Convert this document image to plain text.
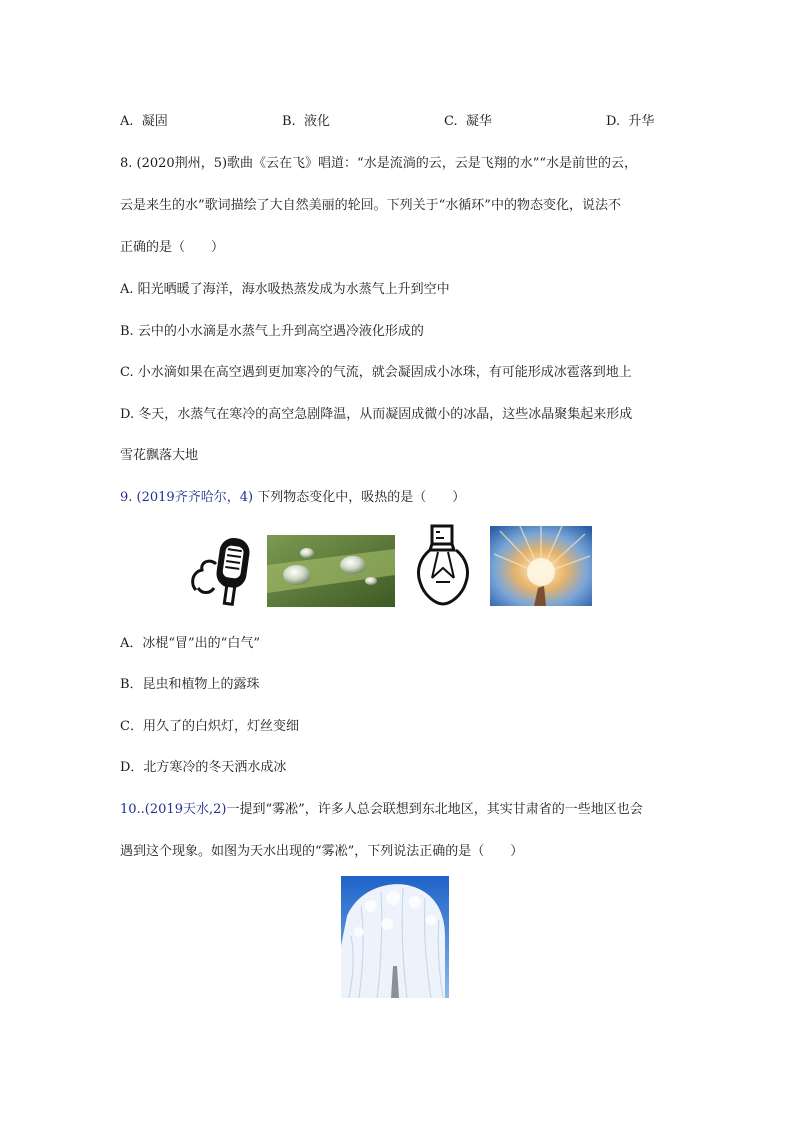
A. 凝固	B. 液化	C. 凝华	D. 升华
8. (2020荆州，5)歌曲《云在飞》唱道：“水是流淌的云，云是飞翔的水”“水是前世的云，
云是来生的水”歌词描绘了大自然美丽的轮回。下列关于“水循环”中的物态变化，说法不
正确的是（　　）
A. 阳光晒暖了海洋，海水吸热蒸发成为水蒸气上升到空中
B. 云中的小水滴是水蒸气上升到高空遇冷液化形成的
C. 小水滴如果在高空遇到更加寒冷的气流，就会凝固成小冰珠，有可能形成冰雹落到地上
D. 冬天，水蒸气在寒冷的高空急剧降温，从而凝固成微小的冰晶，这些冰晶聚集起来形成
雪花飘落大地
9. (2019齐齐哈尔，4) 下列物态变化中，吸热的是（　　）
A．冰棍“冒”出的“白气”
B．昆虫和植物上的露珠
C．用久了的白炽灯，灯丝变细
D．北方寒冷的冬天洒水成冰
10..(2019天水,2)一提到“雾凇”，许多人总会联想到东北地区，其实甘肃省的一些地区也会
遇到这个现象。如图为天水出现的“雾凇”，下列说法正确的是（　　）
